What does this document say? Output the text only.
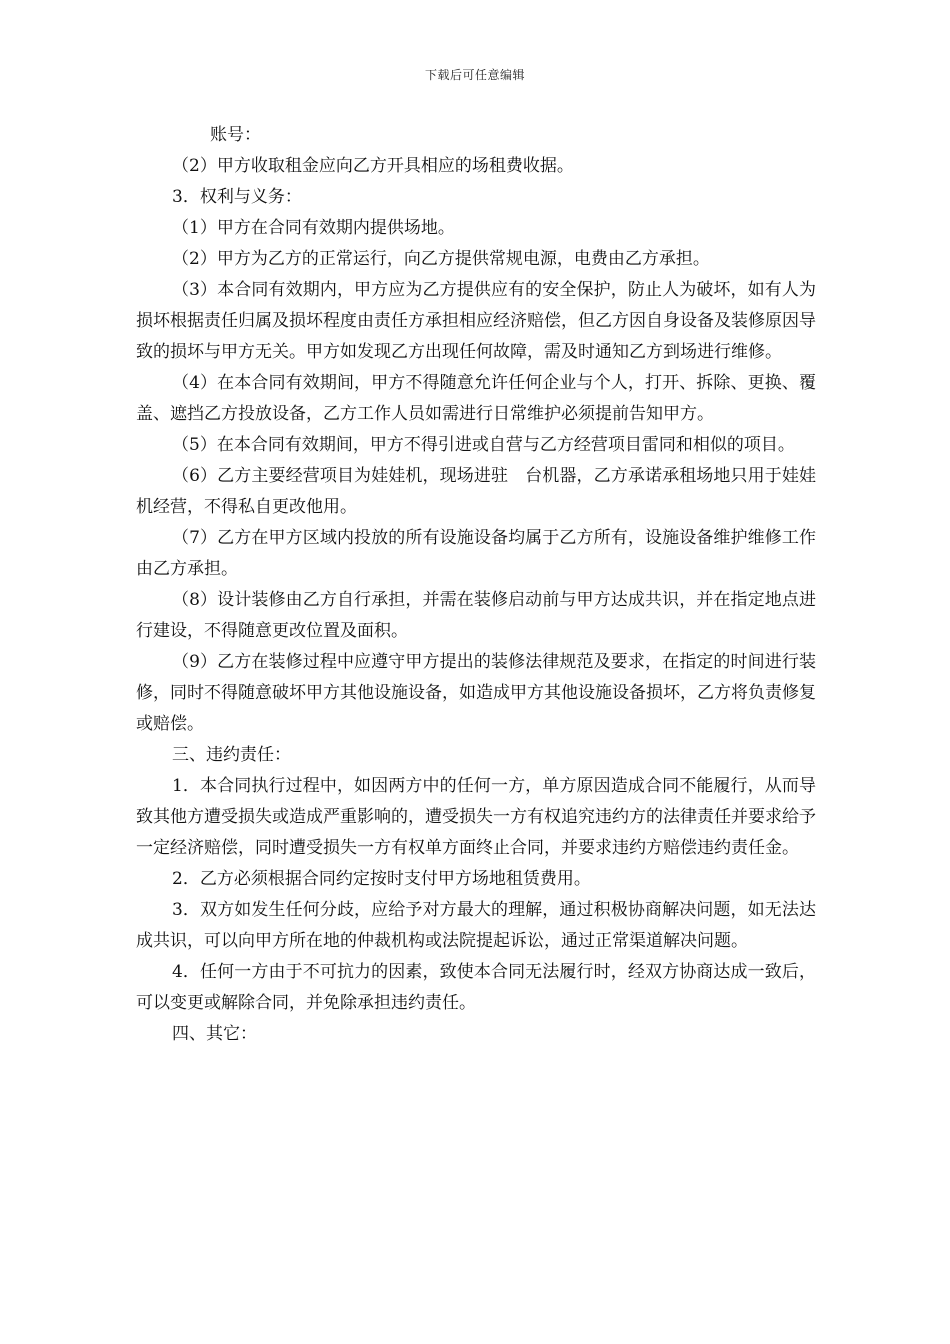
下载后可任意编辑

账号：

（2）甲方收取租金应向乙方开具相应的场租费收据。

3．权利与义务：

（1）甲方在合同有效期内提供场地。

（2）甲方为乙方的正常运行，向乙方提供常规电源，电费由乙方承担。

（3）本合同有效期内，甲方应为乙方提供应有的安全保护，防止人为破坏，如有人为损坏根据责任归属及损坏程度由责任方承担相应经济赔偿，但乙方因自身设备及装修原因导致的损坏与甲方无关。甲方如发现乙方出现任何故障，需及时通知乙方到场进行维修。

（4）在本合同有效期间，甲方不得随意允许任何企业与个人，打开、拆除、更换、覆盖、遮挡乙方投放设备，乙方工作人员如需进行日常维护必须提前告知甲方。

（5）在本合同有效期间，甲方不得引进或自营与乙方经营项目雷同和相似的项目。

（6）乙方主要经营项目为娃娃机，现场进驻　台机器，乙方承诺承租场地只用于娃娃机经营，不得私自更改他用。

（7）乙方在甲方区域内投放的所有设施设备均属于乙方所有，设施设备维护维修工作由乙方承担。

（8）设计装修由乙方自行承担，并需在装修启动前与甲方达成共识，并在指定地点进行建设，不得随意更改位置及面积。

（9）乙方在装修过程中应遵守甲方提出的装修法律规范及要求，在指定的时间进行装修，同时不得随意破坏甲方其他设施设备，如造成甲方其他设施设备损坏，乙方将负责修复或赔偿。

三、违约责任：

1．本合同执行过程中，如因两方中的任何一方，单方原因造成合同不能履行，从而导致其他方遭受损失或造成严重影响的，遭受损失一方有权追究违约方的法律责任并要求给予一定经济赔偿，同时遭受损失一方有权单方面终止合同，并要求违约方赔偿违约责任金。

2．乙方必须根据合同约定按时支付甲方场地租赁费用。

3．双方如发生任何分歧，应给予对方最大的理解，通过积极协商解决问题，如无法达成共识，可以向甲方所在地的仲裁机构或法院提起诉讼，通过正常渠道解决问题。

4．任何一方由于不可抗力的因素，致使本合同无法履行时，经双方协商达成一致后，可以变更或解除合同，并免除承担违约责任。

四、其它：
